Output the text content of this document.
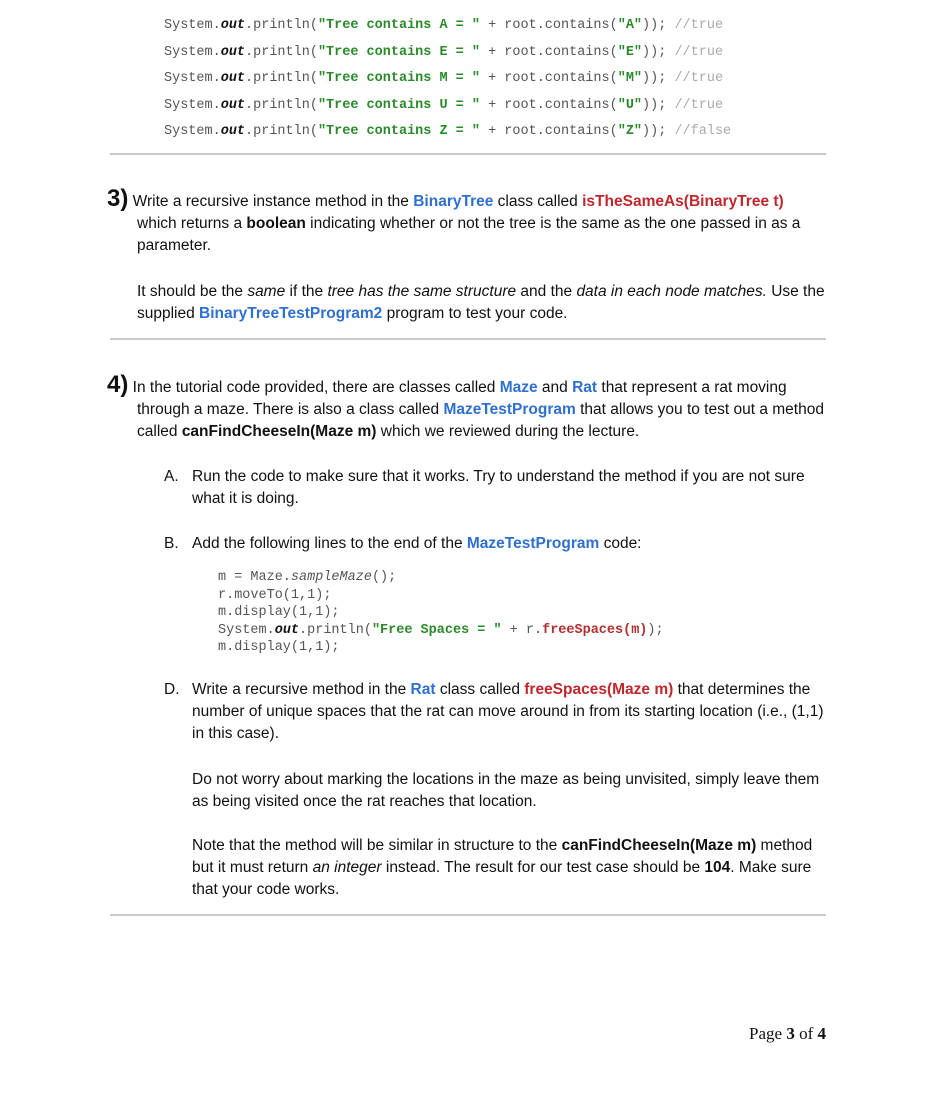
System.out.println("Tree contains A = " + root.contains("A")); //true
System.out.println("Tree contains E = " + root.contains("E")); //true
System.out.println("Tree contains M = " + root.contains("M")); //true
System.out.println("Tree contains U = " + root.contains("U")); //true
System.out.println("Tree contains Z = " + root.contains("Z")); //false

3) Write a recursive instance method in the BinaryTree class called isTheSameAs(BinaryTree t) which returns a boolean indicating whether or not the tree is the same as the one passed in as a parameter.

It should be the same if the tree has the same structure and the data in each node matches. Use the supplied BinaryTreeTestProgram2 program to test your code.

4) In the tutorial code provided, there are classes called Maze and Rat that represent a rat moving through a maze. There is also a class called MazeTestProgram that allows you to test out a method called canFindCheeseIn(Maze m) which we reviewed during the lecture.

A. Run the code to make sure that it works. Try to understand the method if you are not sure what it is doing.

B. Add the following lines to the end of the MazeTestProgram code:

m = Maze.sampleMaze();
r.moveTo(1,1);
m.display(1,1);
System.out.println("Free Spaces = " + r.freeSpaces(m));
m.display(1,1);
D. Write a recursive method in the Rat class called freeSpaces(Maze m) that determines the number of unique spaces that the rat can move around in from its starting location (i.e., (1,1) in this case).

Do not worry about marking the locations in the maze as being unvisited, simply leave them as being visited once the rat reaches that location.

Note that the method will be similar in structure to the canFindCheeseIn(Maze m) method but it must return an integer instead. The result for our test case should be 104. Make sure that your code works.

Page 3 of 4
